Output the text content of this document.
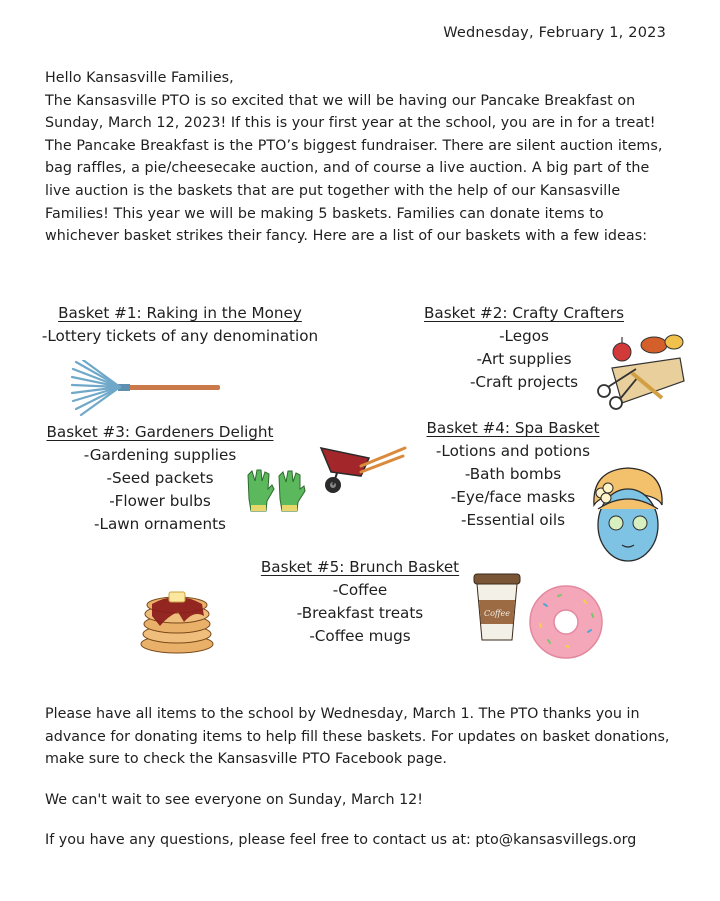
Wednesday, February 1, 2023

Hello Kansasville Families,

The Kansasville PTO is so excited that we will be having our Pancake Breakfast on Sunday, March 12, 2023! If this is your first year at the school, you are in for a treat! The Pancake Breakfast is the PTO’s biggest fundraiser. There are silent auction items, bag raffles, a pie/cheesecake auction, and of course a live auction. A big part of the live auction is the baskets that are put together with the help of our Kansasville Families! This year we will be making 5 baskets. Families can donate items to whichever basket strikes their fancy. Here are a list of our baskets with a few ideas:

Basket #1: Raking in the Money
-Lottery tickets of any denomination
Basket #2: Crafty Crafters
-Legos
-Art supplies
-Craft projects
Basket #3: Gardeners Delight
-Gardening supplies
-Seed packets
-Flower bulbs
-Lawn ornaments
Basket #4: Spa Basket
-Lotions and potions
-Bath bombs
-Eye/face masks
-Essential oils
Basket #5: Brunch Basket
-Coffee
-Breakfast treats
-Coffee mugs
Coffee

Please have all items to the school by Wednesday, March 1. The PTO thanks you in advance for donating items to help fill these baskets. For updates on basket donations, make sure to check the Kansasville PTO Facebook page.

We can't wait to see everyone on Sunday, March 12!

If you have any questions, please feel free to contact us at: pto@kansasvillegs.org
